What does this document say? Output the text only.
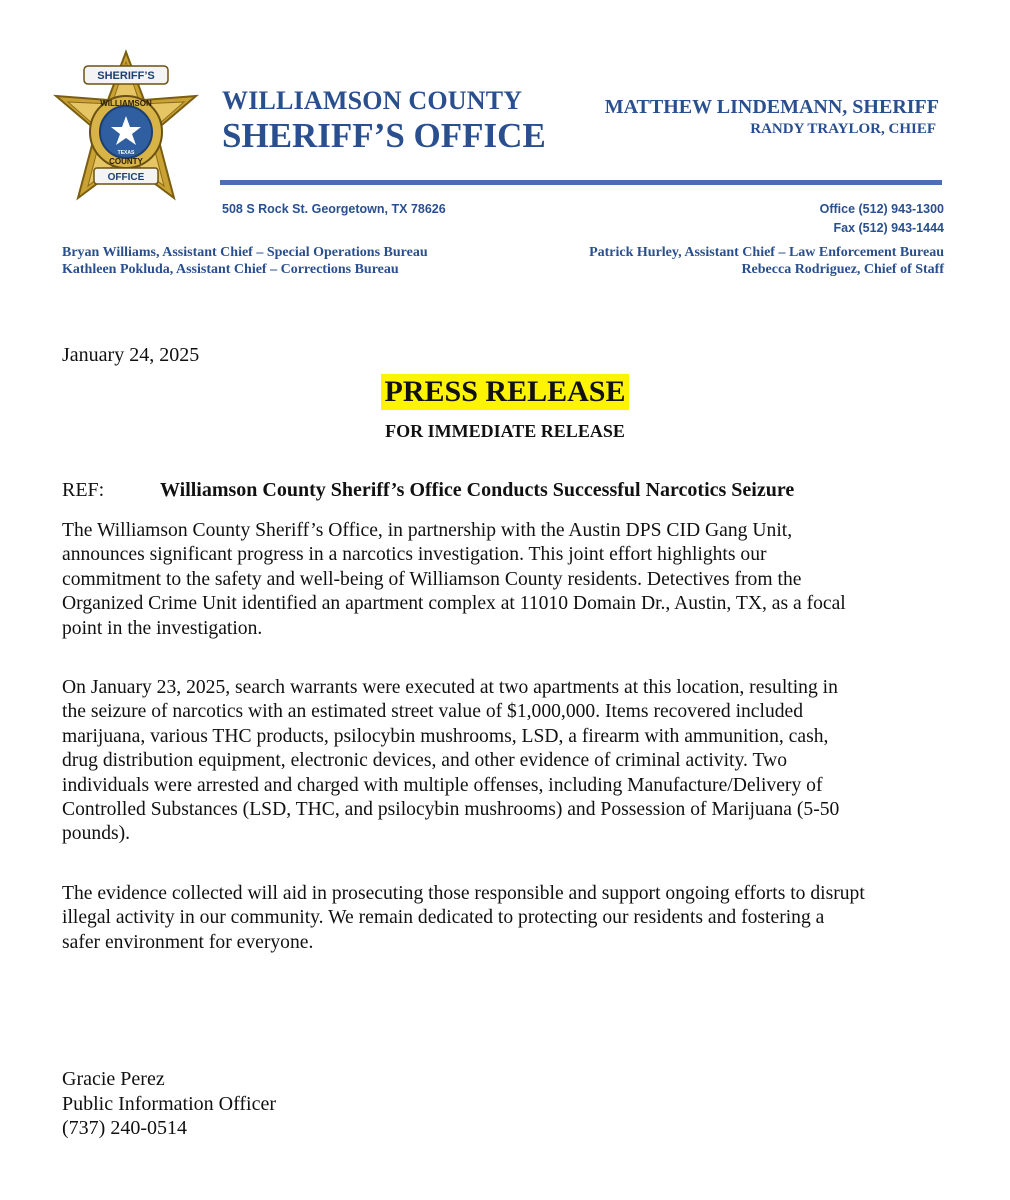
SHERIFF’S
WILLIAMSON
COUNTY
TEXAS
OFFICE
WILLIAMSON COUNTY
SHERIFF’S OFFICE
MATTHEW LINDEMANN, SHERIFF
RANDY TRAYLOR, CHIEF
508 S Rock St. Georgetown, TX 78626	Office (512) 943-1300
Fax (512) 943-1444
Bryan Williams, Assistant Chief – Special Operations Bureau
Kathleen Pokluda, Assistant Chief – Corrections Bureau
Patrick Hurley, Assistant Chief – Law Enforcement Bureau
Rebecca Rodriguez, Chief of Staff
January 24, 2025
PRESS RELEASE
FOR IMMEDIATE RELEASE
REF:	Williamson County Sheriff’s Office Conducts Successful Narcotics Seizure
The Williamson County Sheriff’s Office, in partnership with the Austin DPS CID Gang Unit,
announces significant progress in a narcotics investigation. This joint effort highlights our
commitment to the safety and well-being of Williamson County residents. Detectives from the
Organized Crime Unit identified an apartment complex at 11010 Domain Dr., Austin, TX, as a focal
point in the investigation.
On January 23, 2025, search warrants were executed at two apartments at this location, resulting in
the seizure of narcotics with an estimated street value of $1,000,000. Items recovered included
marijuana, various THC products, psilocybin mushrooms, LSD, a firearm with ammunition, cash,
drug distribution equipment, electronic devices, and other evidence of criminal activity. Two
individuals were arrested and charged with multiple offenses, including Manufacture/Delivery of
Controlled Substances (LSD, THC, and psilocybin mushrooms) and Possession of Marijuana (5-50
pounds).
The evidence collected will aid in prosecuting those responsible and support ongoing efforts to disrupt
illegal activity in our community. We remain dedicated to protecting our residents and fostering a
safer environment for everyone.
Gracie Perez
Public Information Officer
(737) 240-0514
